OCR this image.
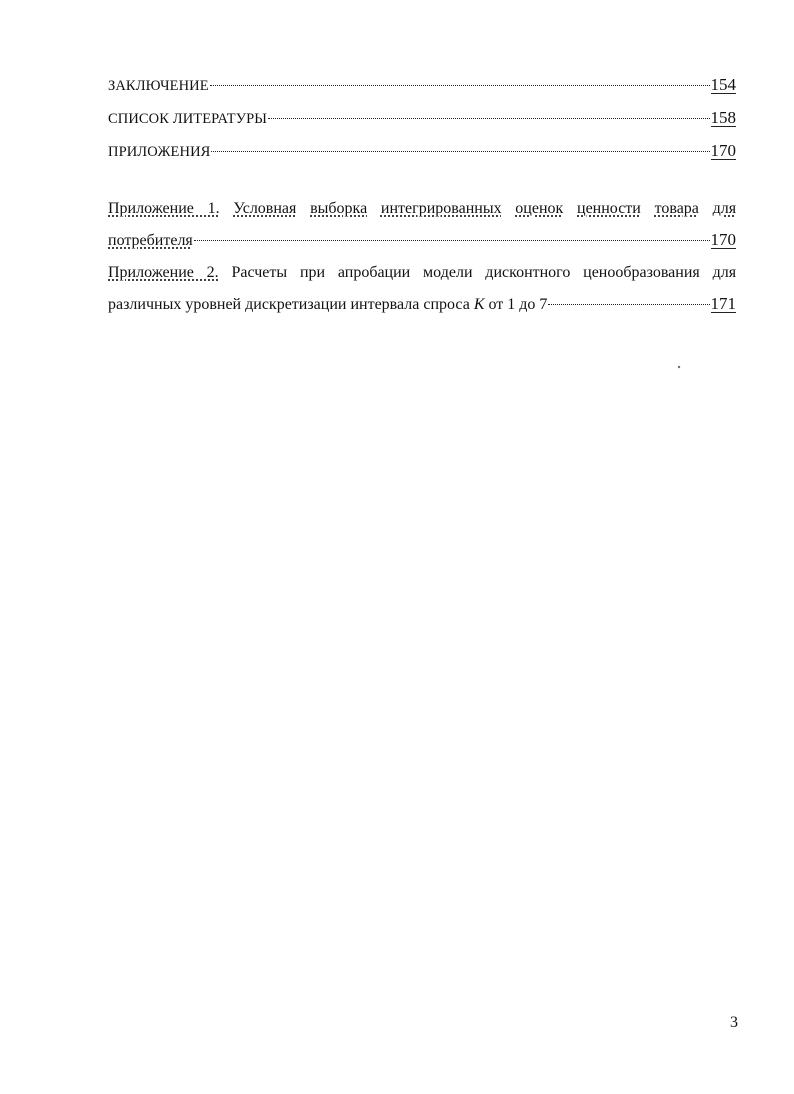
ЗАКЛЮЧЕНИЕ	154
СПИСОК ЛИТЕРАТУРЫ	158
ПРИЛОЖЕНИЯ	170
Приложение 1. Условная выборка интегрированных оценок ценности товара для
потребителя	170
Приложение 2. Расчеты при апробации модели дисконтного ценообразования для
различных уровней дискретизации интервала спроса K от 1 до 7	171
3
